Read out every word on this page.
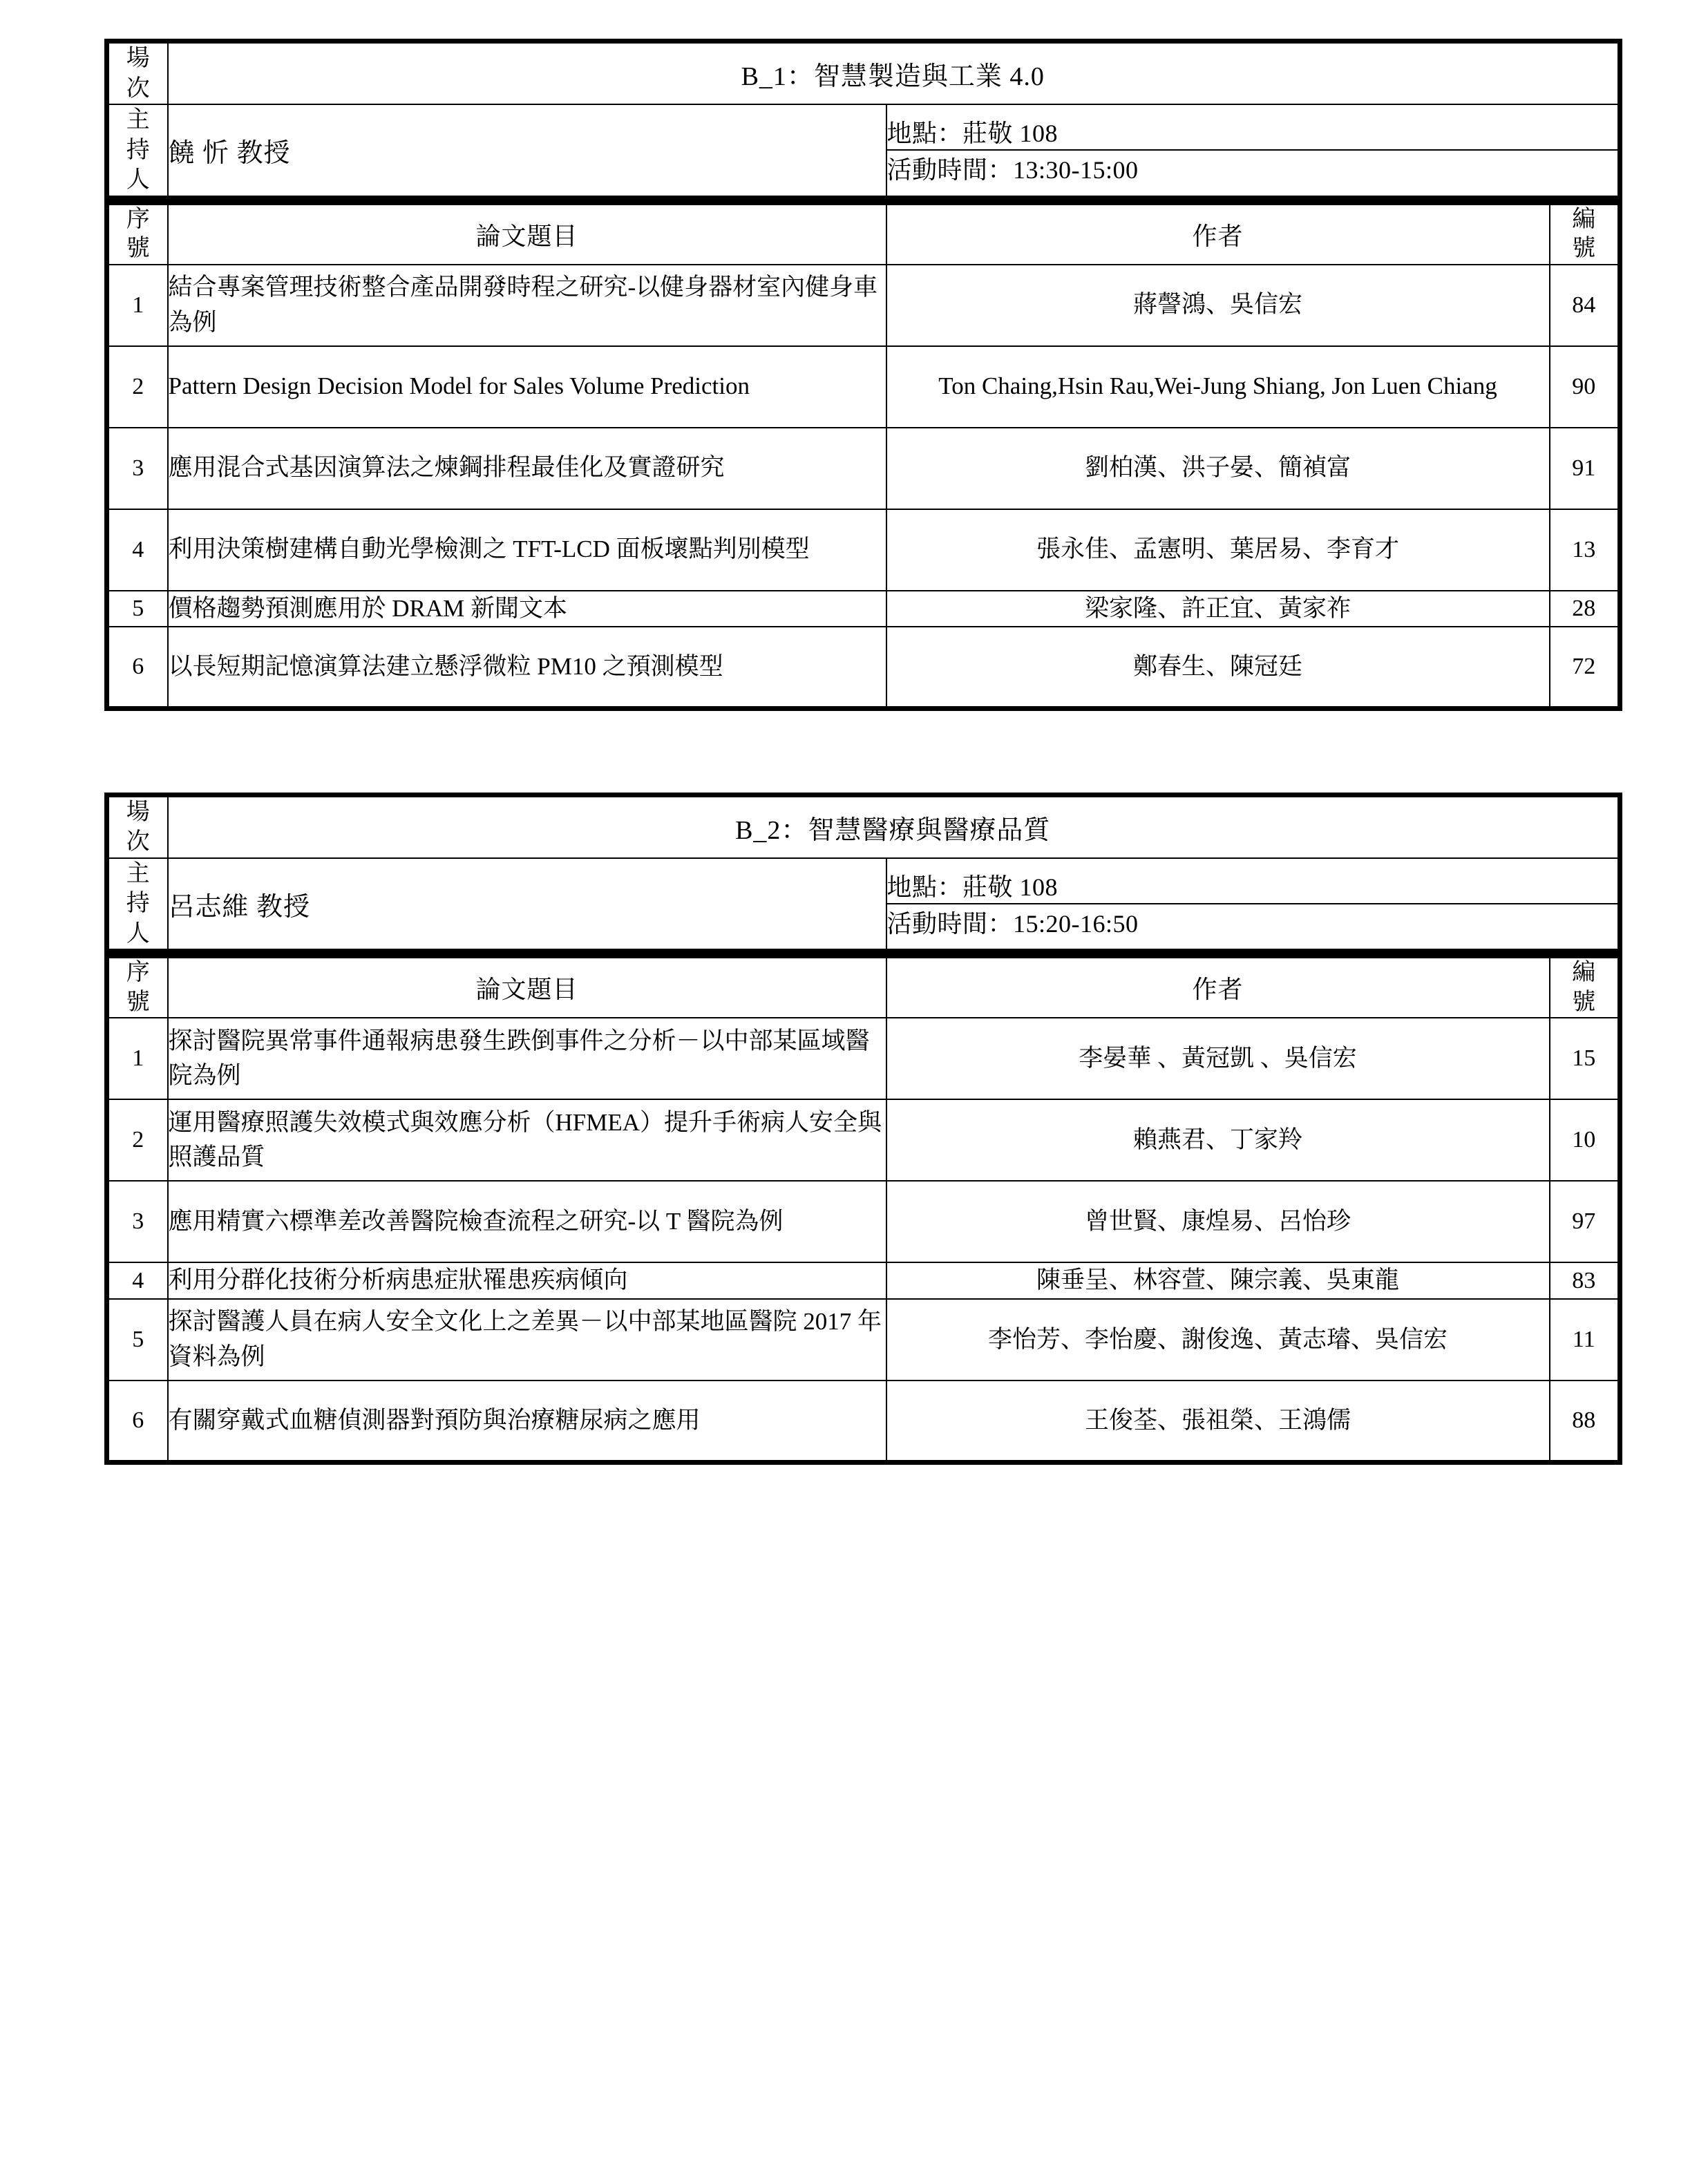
場
次	B_1：智慧製造與工業 4.0

主
持
人
	饒 忻 教授	
地點：莊敬 108
活動時間：13:30-15:00
序
號	論文題目	作者	編
號

1	結合專案管理技術整合產品開發時程之研究-以健身器材室內健身車為例	蔣謦鴻、吳信宏	84
2	Pattern Design Decision Model for Sales Volume Prediction	Ton Chaing,Hsin Rau,Wei-Jung Shiang, Jon Luen Chiang	90
3	應用混合式基因演算法之煉鋼排程最佳化及實證研究	劉柏漢、洪子晏、簡禎富	91
4	利用決策樹建構自動光學檢測之 TFT-LCD 面板壞點判別模型	張永佳、孟憲明、葉居易、李育才	13
5	價格趨勢預測應用於 DRAM 新聞文本	梁家隆、許正宜、黃家祚	28
6	以長短期記憶演算法建立懸浮微粒 PM10 之預測模型	鄭春生、陳冠廷	72
場
次	B_2：智慧醫療與醫療品質

主
持
人
	呂志維 教授	
地點：莊敬 108
活動時間：15:20-16:50
序
號	論文題目	作者	編
號

1	探討醫院異常事件通報病患發生跌倒事件之分析－以中部某區域醫院為例	李晏華 、黃冠凱 、吳信宏	15
2	運用醫療照護失效模式與效應分析（HFMEA）提升手術病人安全與照護品質	賴燕君、丁家羚	10
3	應用精實六標準差改善醫院檢查流程之研究-以 T 醫院為例	曾世賢、康煌易、呂怡珍	97
4	利用分群化技術分析病患症狀罹患疾病傾向	陳垂呈、林容萱、陳宗義、吳東龍	83
5	探討醫護人員在病人安全文化上之差異－以中部某地區醫院 2017 年資料為例	李怡芳、李怡慶、謝俊逸、黃志璿、吳信宏	11
6	有關穿戴式血糖偵測器對預防與治療糖尿病之應用	王俊荃、張祖榮、王鴻儒	88
